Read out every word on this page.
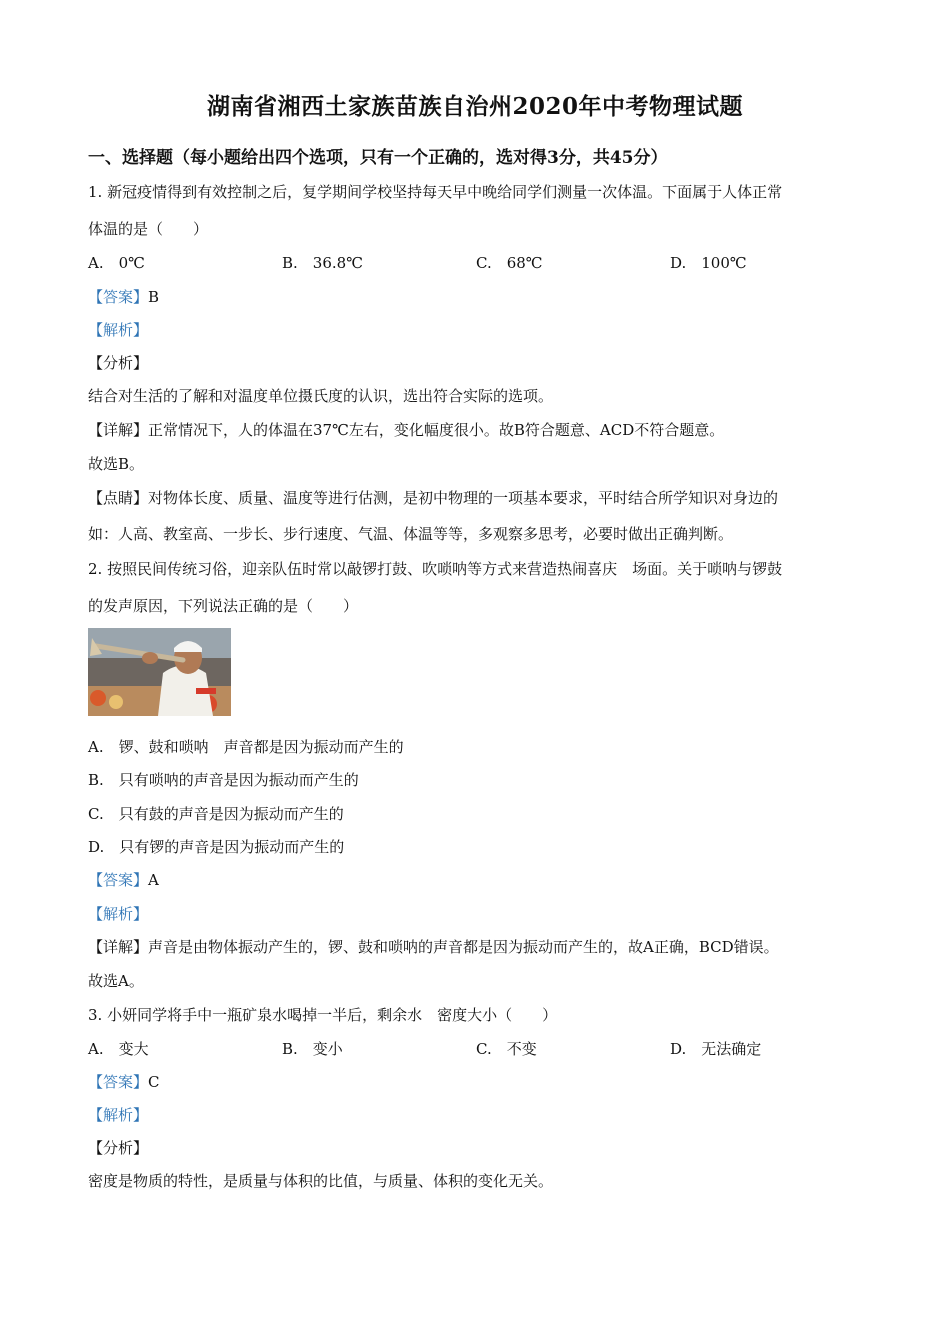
湖南省湘西土家族苗族自治州2020年中考物理试题
一、选择题（每小题给出四个选项，只有一个正确的，选对得3分，共45分）
1. 新冠疫情得到有效控制之后，复学期间学校坚持每天早中晚给同学们测量一次体温。下面属于人体正常
体温的是（　　）
A.　0℃	B.　36.8℃	C.　68℃	D.　100℃
【答案】B
【解析】
【分析】
结合对生活的了解和对温度单位摄氏度的认识，选出符合实际的选项。
【详解】正常情况下，人的体温在37℃左右，变化幅度很小。故B符合题意、ACD不符合题意。
故选B。
【点睛】对物体长度、质量、温度等进行估测，是初中物理的一项基本要求，平时结合所学知识对身边的
如：人高、教室高、一步长、步行速度、气温、体温等等，多观察多思考，必要时做出正确判断。
2. 按照民间传统习俗，迎亲队伍时常以敲锣打鼓、吹唢呐等方式来营造热闹喜庆　场面。关于唢呐与锣鼓
的发声原因，下列说法正确的是（　　）
A.　锣、鼓和唢呐　声音都是因为振动而产生的
B.　只有唢呐的声音是因为振动而产生的
C.　只有鼓的声音是因为振动而产生的
D.　只有锣的声音是因为振动而产生的
【答案】A
【解析】
【详解】声音是由物体振动产生的，锣、鼓和唢呐的声音都是因为振动而产生的，故A正确，BCD错误。
故选A。
3. 小妍同学将手中一瓶矿泉水喝掉一半后，剩余水　密度大小（　　）
A.　变大	B.　变小	C.　不变	D.　无法确定
【答案】C
【解析】
【分析】
密度是物质的特性，是质量与体积的比值，与质量、体积的变化无关。
